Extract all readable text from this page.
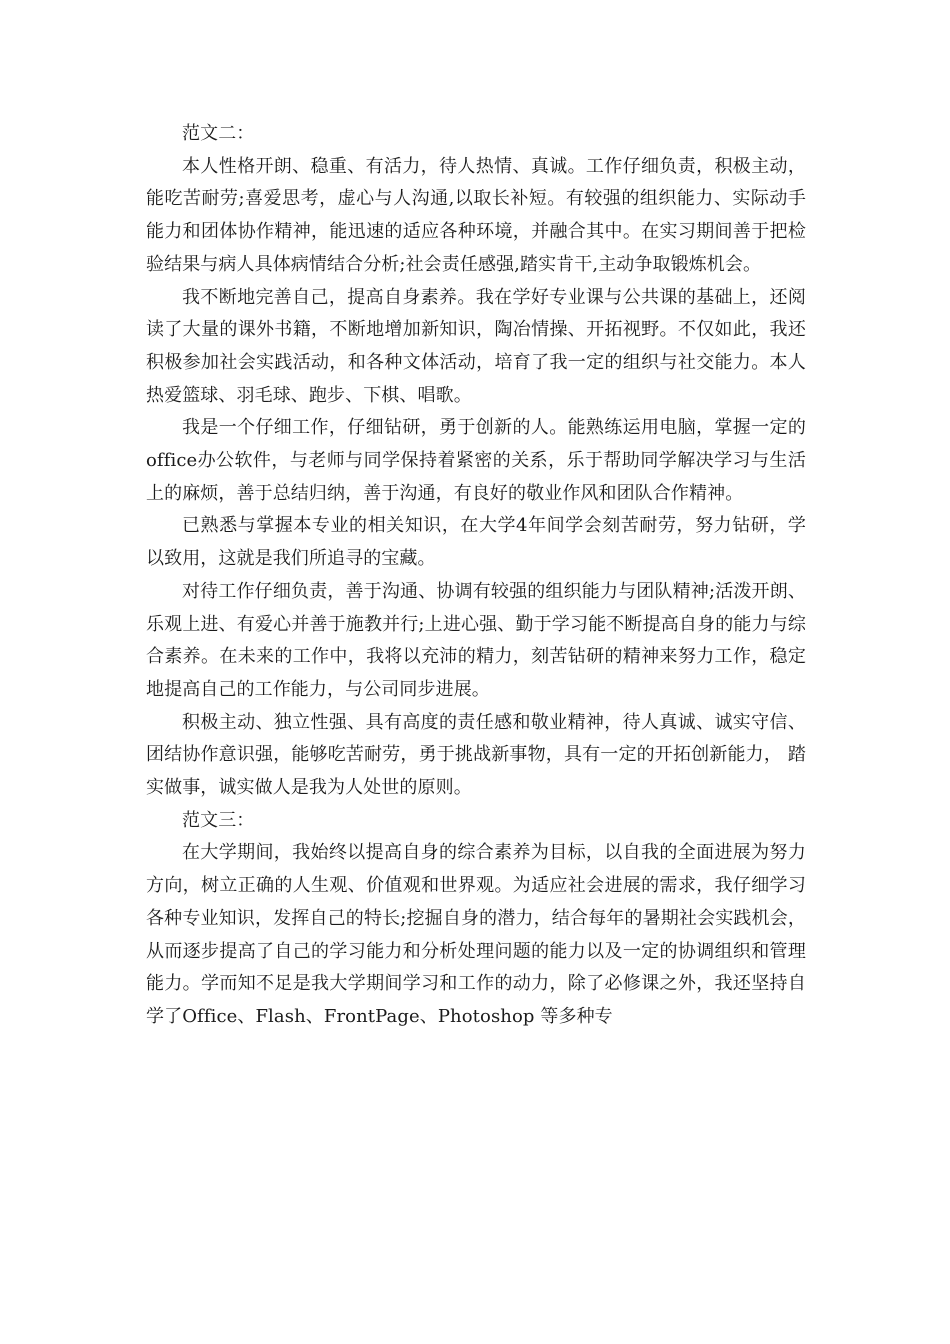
范文二：

本人性格开朗、稳重、有活力，待人热情、真诚。工作仔细负责，积极主动，能吃苦耐劳;喜爱思考，虚心与人沟通,以取长补短。有较强的组织能力、实际动手能力和团体协作精神，能迅速的适应各种环境，并融合其中。在实习期间善于把检验结果与病人具体病情结合分析;社会责任感强,踏实肯干,主动争取锻炼机会。

我不断地完善自己，提高自身素养。我在学好专业课与公共课的基础上，还阅读了大量的课外书籍，不断地增加新知识，陶冶情操、开拓视野。不仅如此，我还积极参加社会实践活动，和各种文体活动，培育了我一定的组织与社交能力。本人热爱篮球、羽毛球、跑步、下棋、唱歌。

我是一个仔细工作，仔细钻研，勇于创新的人。能熟练运用电脑，掌握一定的office办公软件，与老师与同学保持着紧密的关系，乐于帮助同学解决学习与生活上的麻烦，善于总结归纳，善于沟通，有良好的敬业作风和团队合作精神。

已熟悉与掌握本专业的相关知识，在大学4年间学会刻苦耐劳，努力钻研，学以致用，这就是我们所追寻的宝藏。

对待工作仔细负责，善于沟通、协调有较强的组织能力与团队精神;活泼开朗、乐观上进、有爱心并善于施教并行;上进心强、勤于学习能不断提高自身的能力与综合素养。在未来的工作中，我将以充沛的精力，刻苦钻研的精神来努力工作，稳定地提高自己的工作能力，与公司同步进展。

积极主动、独立性强、具有高度的责任感和敬业精神，待人真诚、诚实守信、团结协作意识强，能够吃苦耐劳，勇于挑战新事物，具有一定的开拓创新能力， 踏实做事，诚实做人是我为人处世的原则。

范文三：

在大学期间，我始终以提高自身的综合素养为目标，以自我的全面进展为努力方向，树立正确的人生观、价值观和世界观。为适应社会进展的需求，我仔细学习各种专业知识，发挥自己的特长;挖掘自身的潜力，结合每年的暑期社会实践机会，从而逐步提高了自己的学习能力和分析处理问题的能力以及一定的协调组织和管理能力。学而知不足是我大学期间学习和工作的动力，除了必修课之外，我还坚持自学了Office、Flash、FrontPage、Photoshop 等多种专
